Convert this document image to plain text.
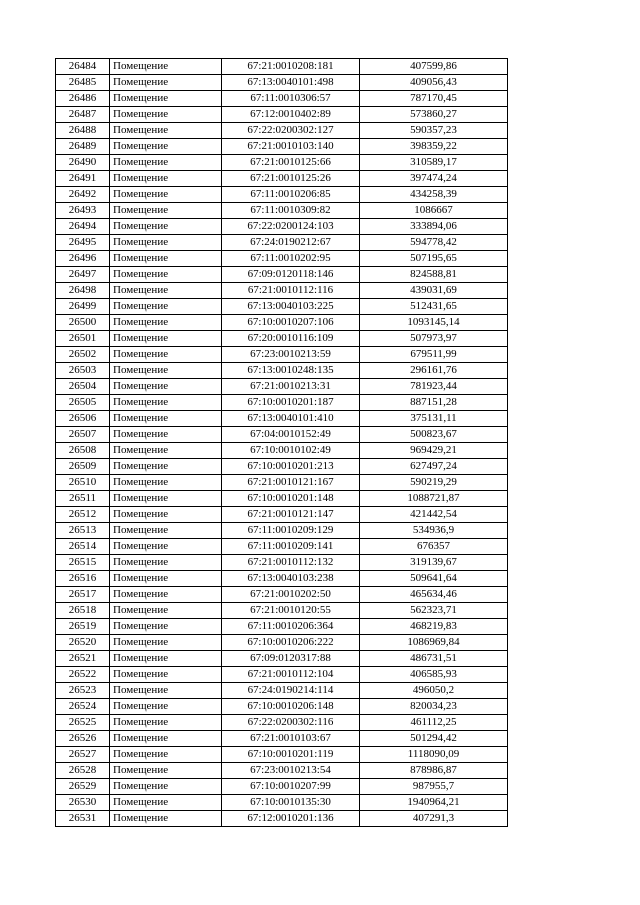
26484	Помещение	67:21:0010208:181	407599,86
26485	Помещение	67:13:0040101:498	409056,43
26486	Помещение	67:11:0010306:57	787170,45
26487	Помещение	67:12:0010402:89	573860,27
26488	Помещение	67:22:0200302:127	590357,23
26489	Помещение	67:21:0010103:140	398359,22
26490	Помещение	67:21:0010125:66	310589,17
26491	Помещение	67:21:0010125:26	397474,24
26492	Помещение	67:11:0010206:85	434258,39
26493	Помещение	67:11:0010309:82	1086667
26494	Помещение	67:22:0200124:103	333894,06
26495	Помещение	67:24:0190212:67	594778,42
26496	Помещение	67:11:0010202:95	507195,65
26497	Помещение	67:09:0120118:146	824588,81
26498	Помещение	67:21:0010112:116	439031,69
26499	Помещение	67:13:0040103:225	512431,65
26500	Помещение	67:10:0010207:106	1093145,14
26501	Помещение	67:20:0010116:109	507973,97
26502	Помещение	67:23:0010213:59	679511,99
26503	Помещение	67:13:0010248:135	296161,76
26504	Помещение	67:21:0010213:31	781923,44
26505	Помещение	67:10:0010201:187	887151,28
26506	Помещение	67:13:0040101:410	375131,11
26507	Помещение	67:04:0010152:49	500823,67
26508	Помещение	67:10:0010102:49	969429,21
26509	Помещение	67:10:0010201:213	627497,24
26510	Помещение	67:21:0010121:167	590219,29
26511	Помещение	67:10:0010201:148	1088721,87
26512	Помещение	67:21:0010121:147	421442,54
26513	Помещение	67:11:0010209:129	534936,9
26514	Помещение	67:11:0010209:141	676357
26515	Помещение	67:21:0010112:132	319139,67
26516	Помещение	67:13:0040103:238	509641,64
26517	Помещение	67:21:0010202:50	465634,46
26518	Помещение	67:21:0010120:55	562323,71
26519	Помещение	67:11:0010206:364	468219,83
26520	Помещение	67:10:0010206:222	1086969,84
26521	Помещение	67:09:0120317:88	486731,51
26522	Помещение	67:21:0010112:104	406585,93
26523	Помещение	67:24:0190214:114	496050,2
26524	Помещение	67:10:0010206:148	820034,23
26525	Помещение	67:22:0200302:116	461112,25
26526	Помещение	67:21:0010103:67	501294,42
26527	Помещение	67:10:0010201:119	1118090,09
26528	Помещение	67:23:0010213:54	878986,87
26529	Помещение	67:10:0010207:99	987955,7
26530	Помещение	67:10:0010135:30	1940964,21
26531	Помещение	67:12:0010201:136	407291,3
